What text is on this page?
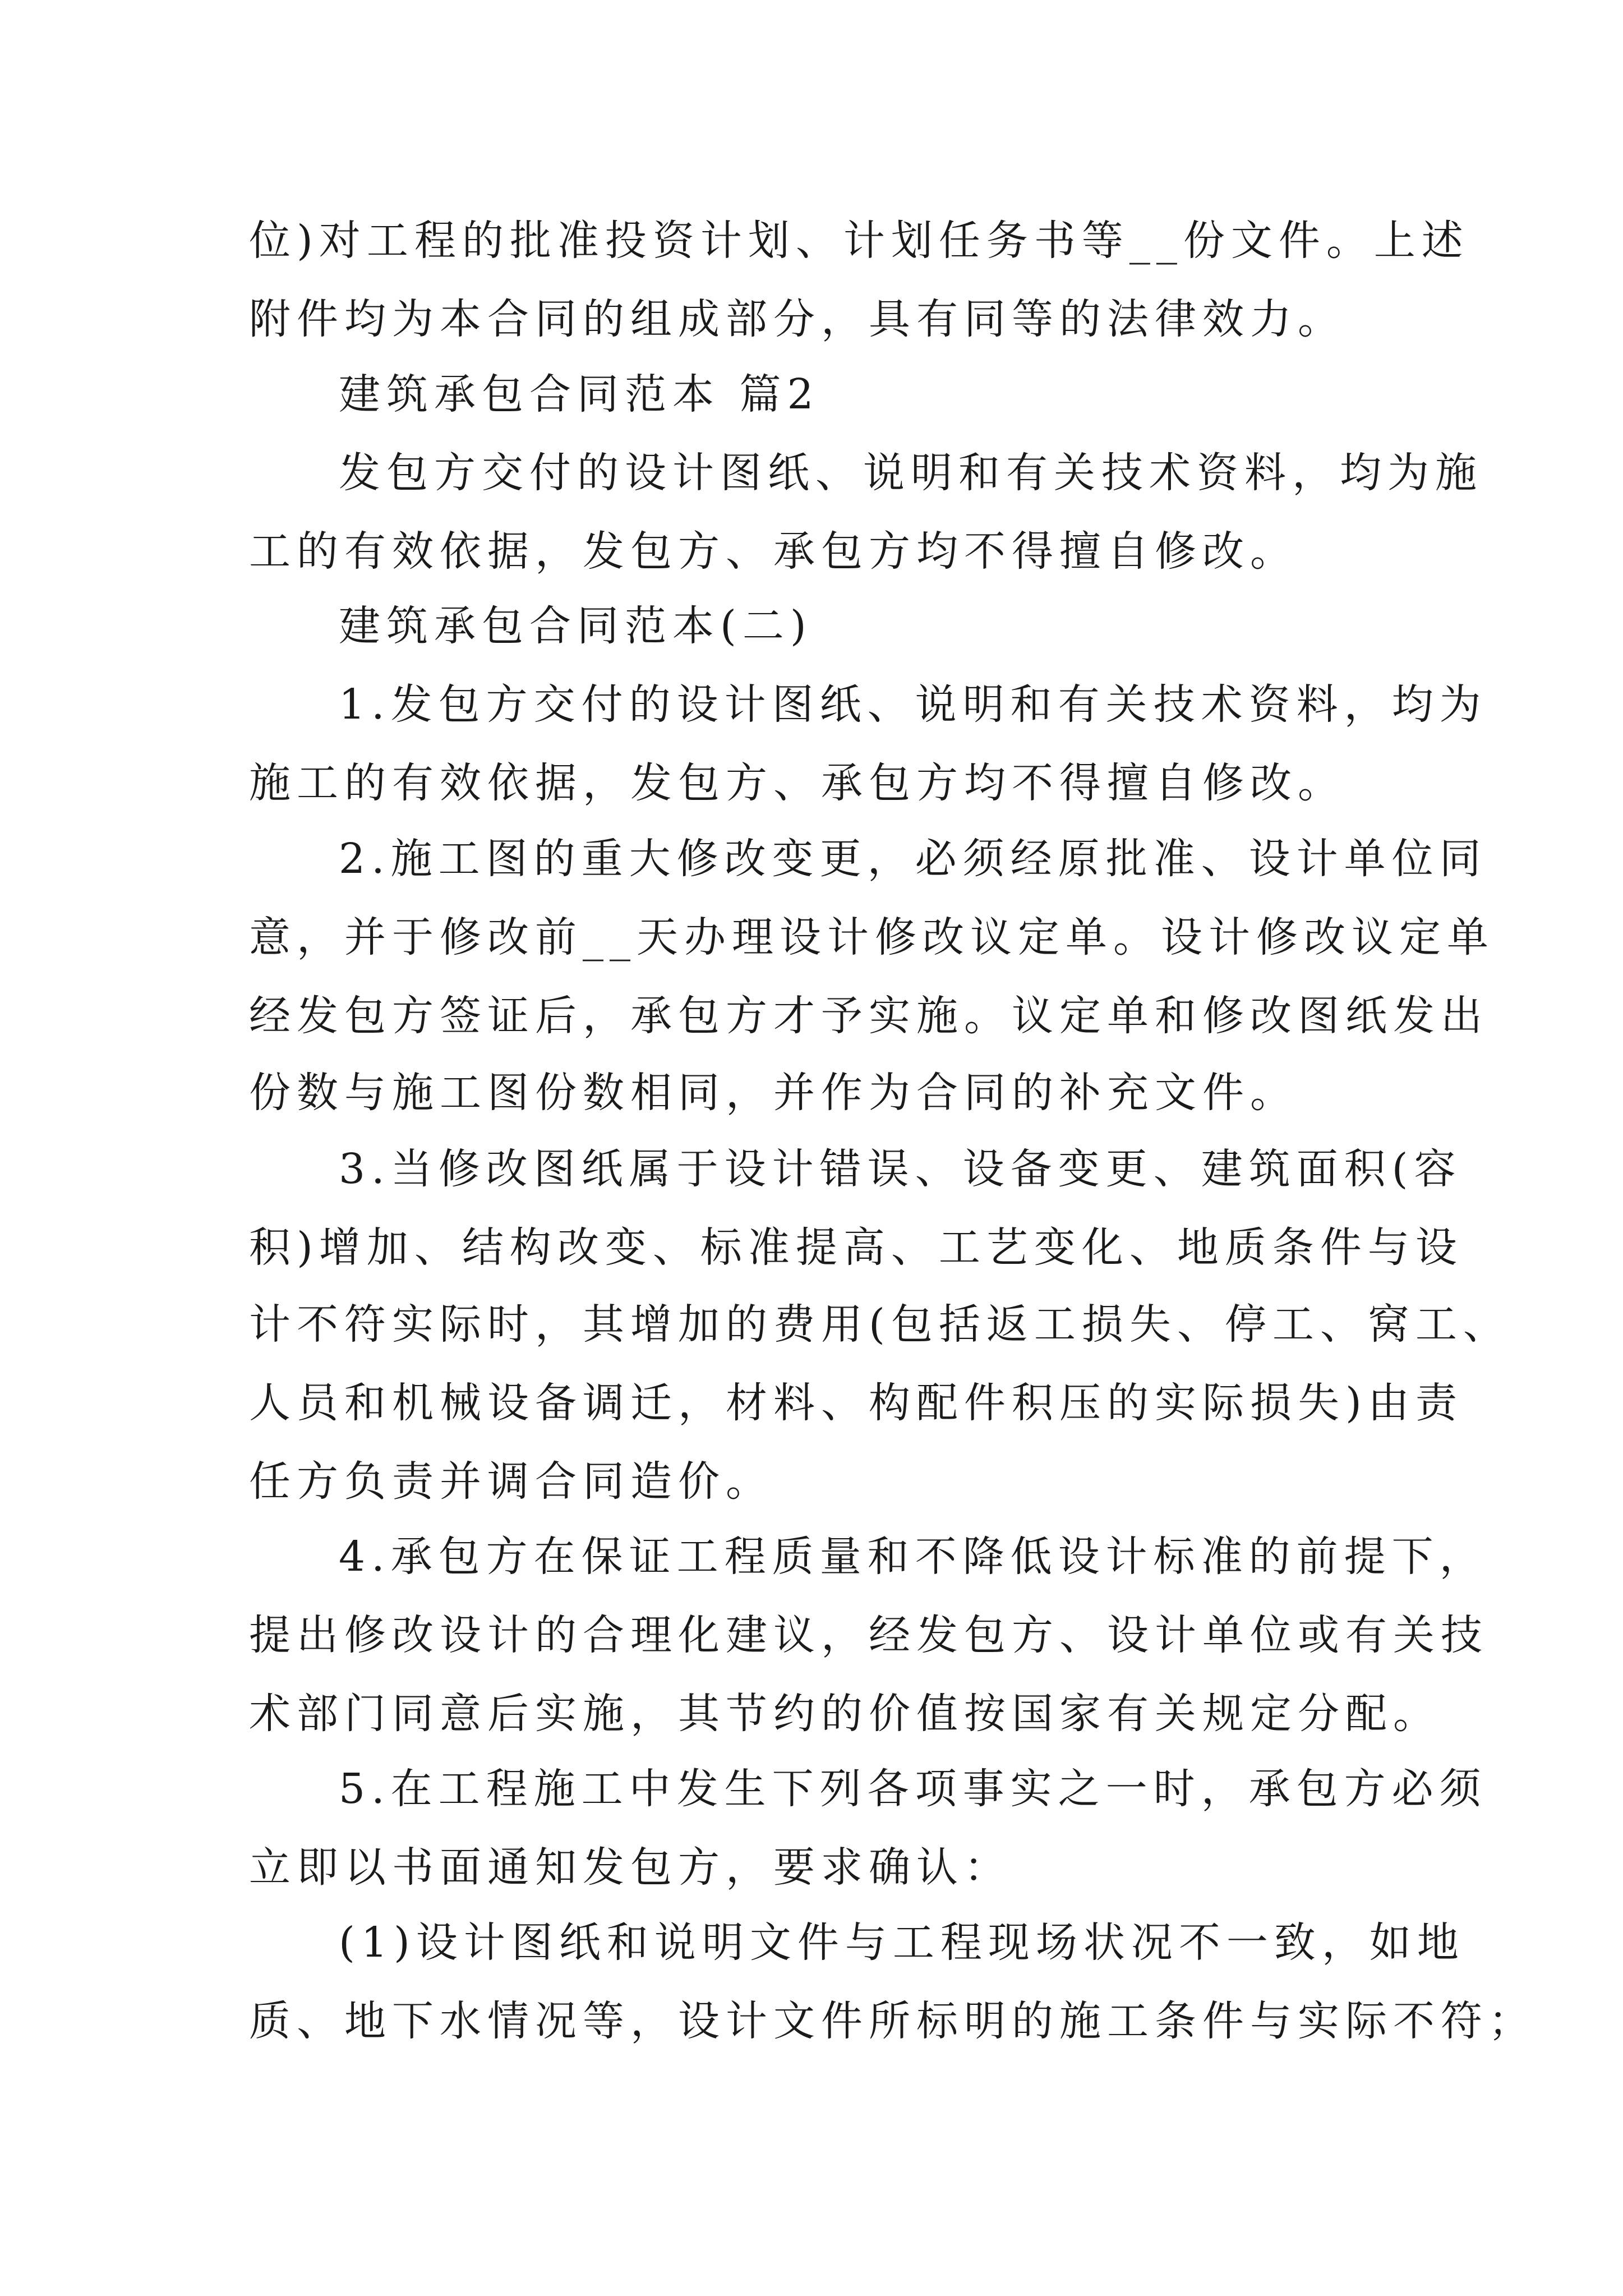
位)对工程的批准投资计划、计划任务书等__份文件。上述

附件均为本合同的组成部分，具有同等的法律效力。

建筑承包合同范本 篇2

发包方交付的设计图纸、说明和有关技术资料，均为施

工的有效依据，发包方、承包方均不得擅自修改。

建筑承包合同范本(二)

1.发包方交付的设计图纸、说明和有关技术资料，均为

施工的有效依据，发包方、承包方均不得擅自修改。

2.施工图的重大修改变更，必须经原批准、设计单位同

意，并于修改前__天办理设计修改议定单。设计修改议定单

经发包方签证后，承包方才予实施。议定单和修改图纸发出

份数与施工图份数相同，并作为合同的补充文件。

3.当修改图纸属于设计错误、设备变更、建筑面积(容

积)增加、结构改变、标准提高、工艺变化、地质条件与设

计不符实际时，其增加的费用(包括返工损失、停工、窝工、

人员和机械设备调迁，材料、构配件积压的实际损失)由责

任方负责并调合同造价。

4.承包方在保证工程质量和不降低设计标准的前提下，

提出修改设计的合理化建议，经发包方、设计单位或有关技

术部门同意后实施，其节约的价值按国家有关规定分配。

5.在工程施工中发生下列各项事实之一时，承包方必须

立即以书面通知发包方，要求确认：

(1)设计图纸和说明文件与工程现场状况不一致，如地

质、地下水情况等，设计文件所标明的施工条件与实际不符；
